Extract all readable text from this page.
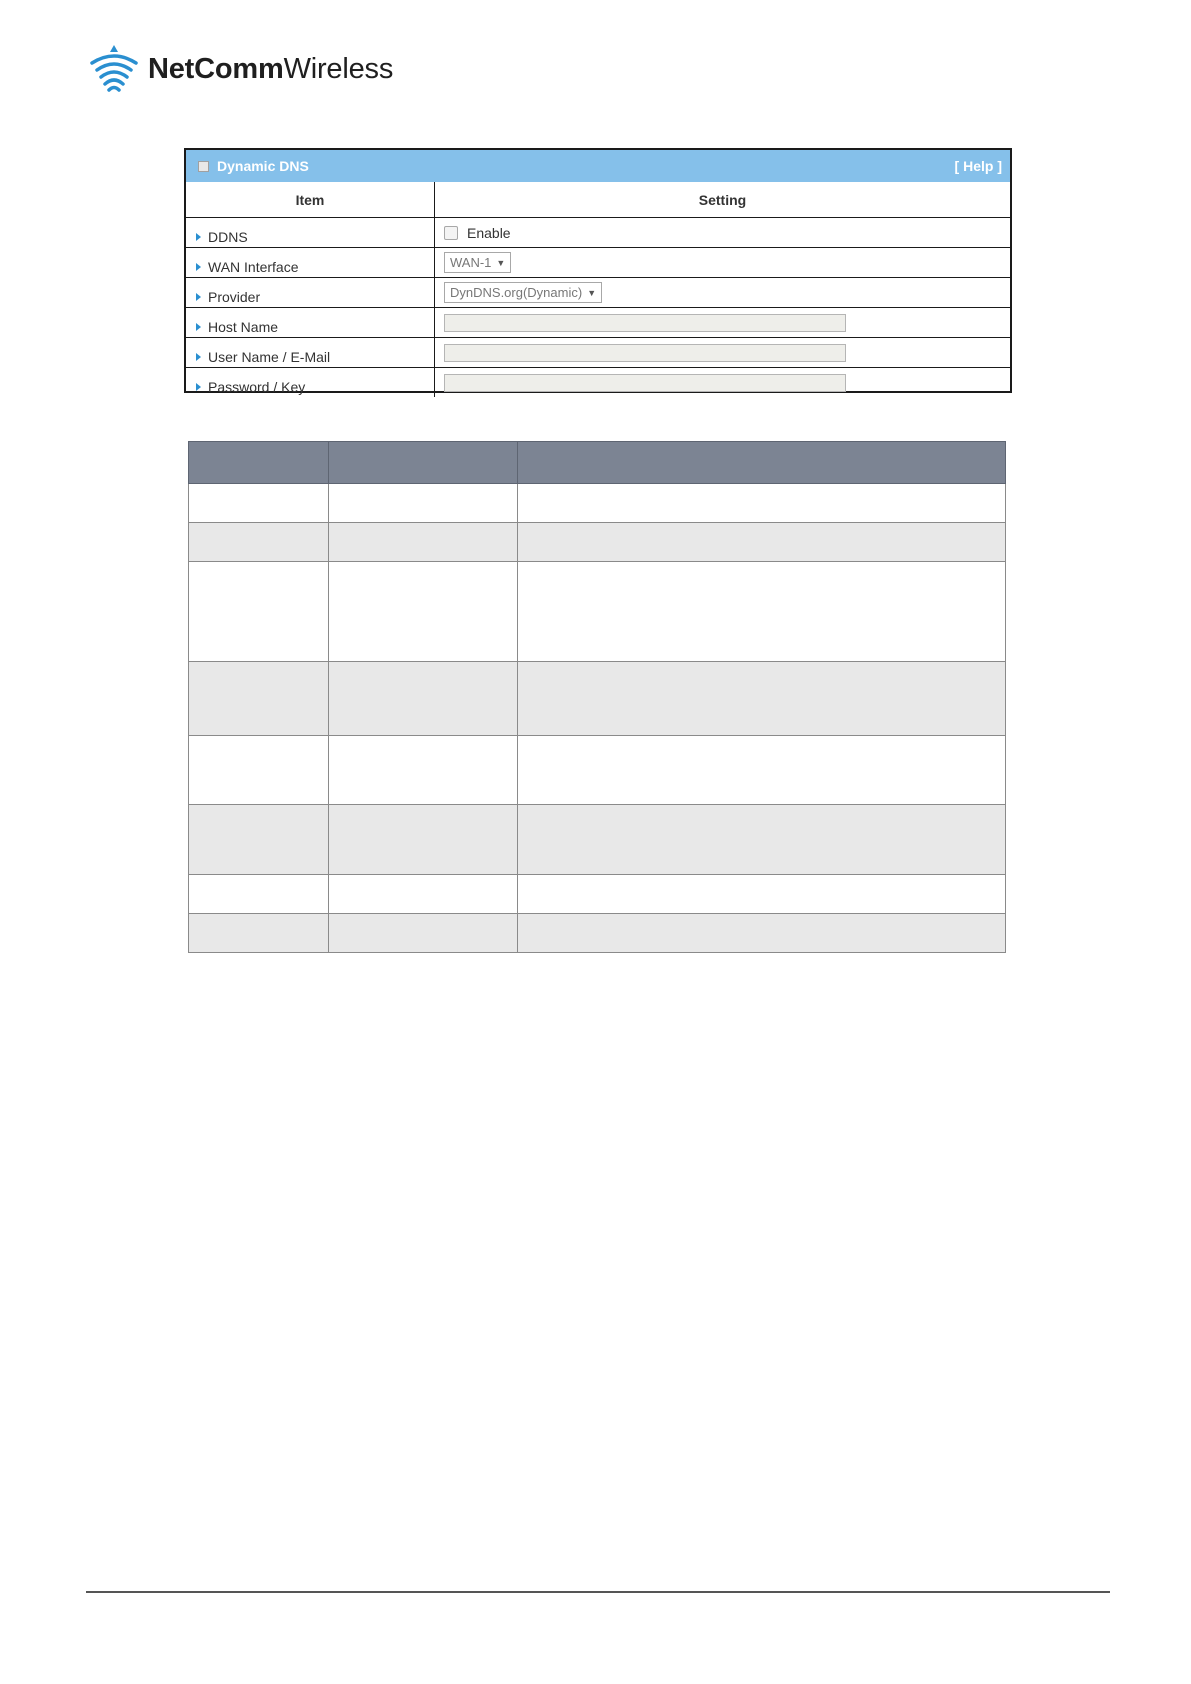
NetCommWireless
Dynamic DNS	[ Help ]
Item	Setting

DDNS	Enable

WAN Interface	WAN-1 ▼

Provider	DynDNS.org(Dynamic) ▼

Host Name	

User Name / E-Mail	

Password / Key	
